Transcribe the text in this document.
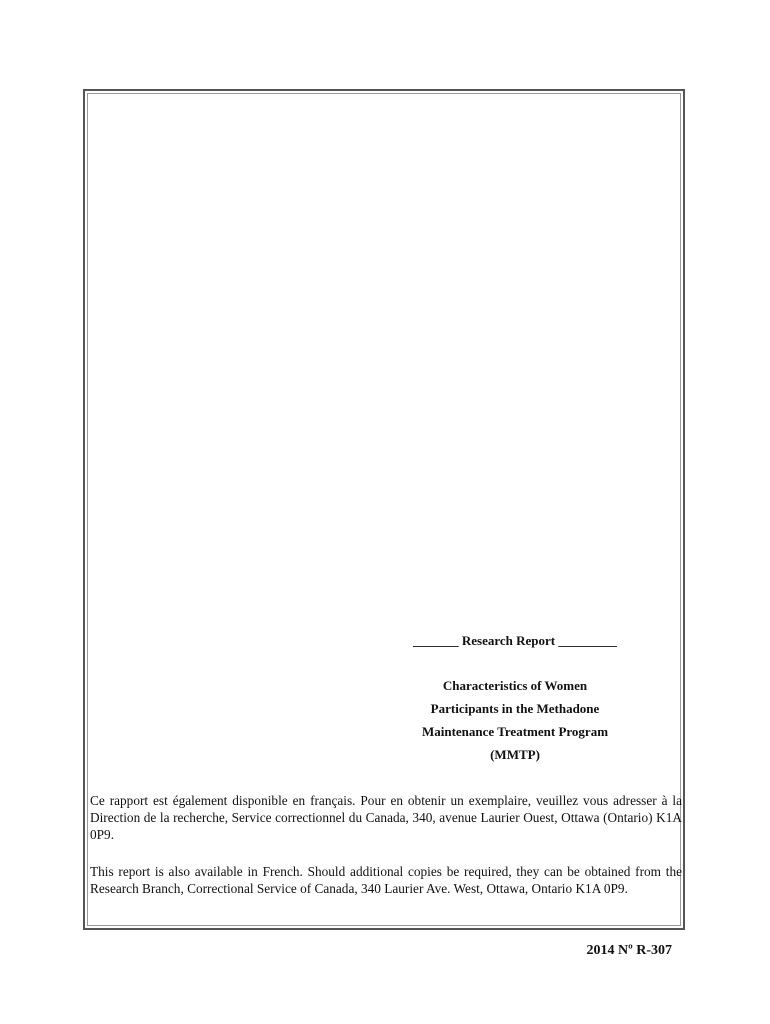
_______ Research Report _________
Characteristics of Women
Participants in the Methadone
Maintenance Treatment Program
(MMTP)

Ce rapport est également disponible en français. Pour en obtenir un exemplaire, veuillez vous adresser à la Direction de la recherche, Service correctionnel du Canada, 340, avenue Laurier Ouest, Ottawa (Ontario) K1A 0P9.

This report is also available in French. Should additional copies be required, they can be obtained from the Research Branch, Correctional Service of Canada, 340 Laurier Ave. West, Ottawa, Ontario K1A 0P9.

2014 Nº R-307
